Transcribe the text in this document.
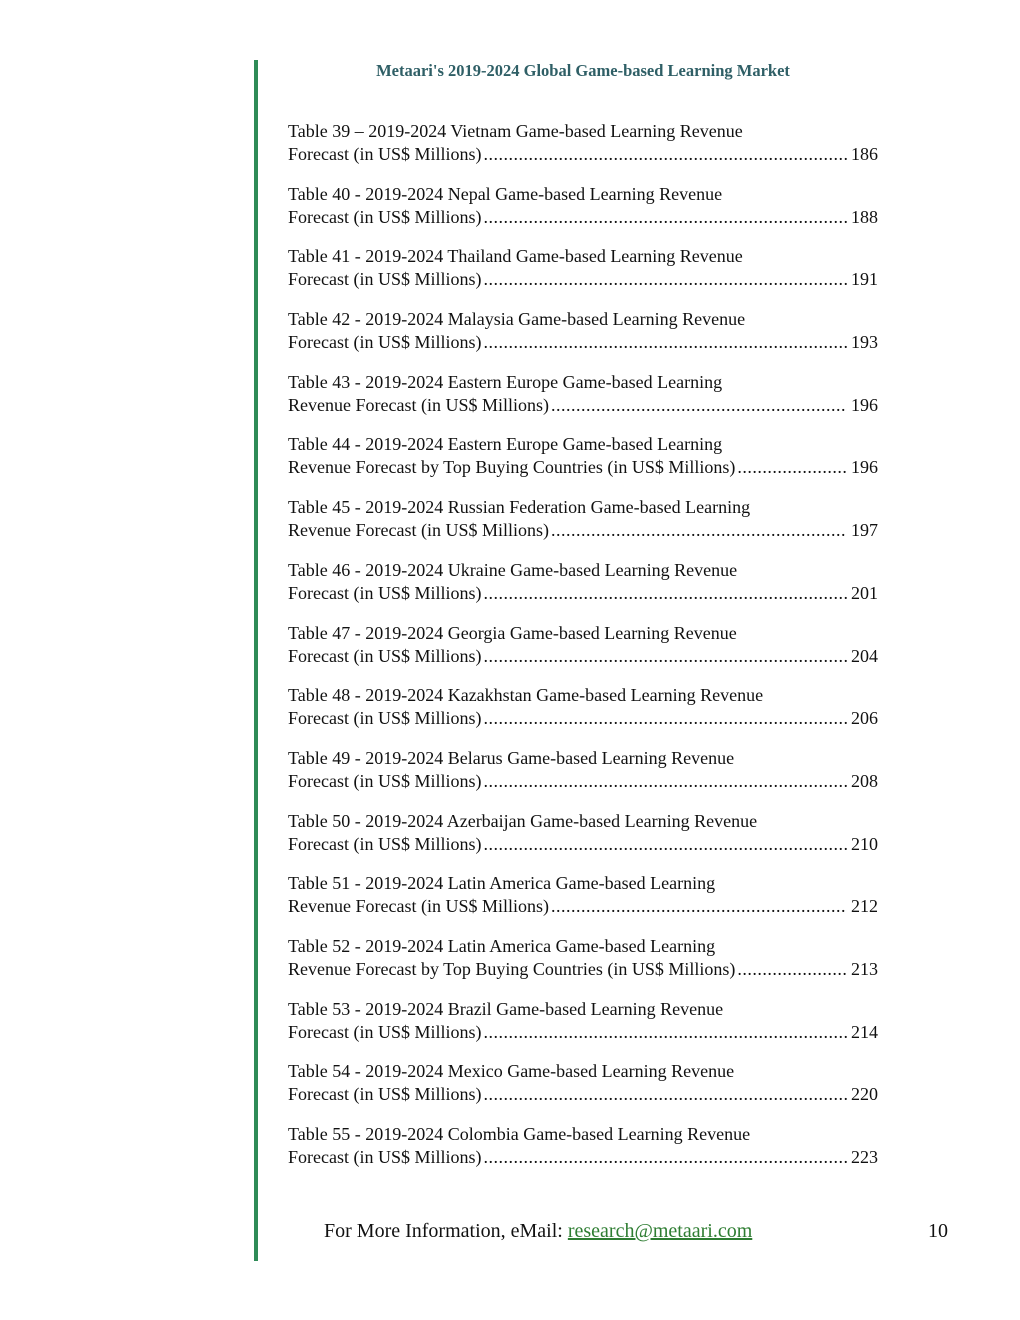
Metaari's 2019-2024 Global Game-based Learning Market
Table 39 – 2019-2024 Vietnam Game-based Learning Revenue
Forecast (in US$ Millions) .....	186
Table 40 - 2019-2024 Nepal Game-based Learning Revenue
Forecast (in US$ Millions) .....	188
Table 41 - 2019-2024 Thailand Game-based Learning Revenue
Forecast (in US$ Millions) .....	191
Table 42 - 2019-2024 Malaysia Game-based Learning Revenue
Forecast (in US$ Millions) .....	193
Table 43 - 2019-2024 Eastern Europe Game-based Learning
Revenue Forecast (in US$ Millions) .....	196
Table 44 - 2019-2024 Eastern Europe Game-based Learning
Revenue Forecast by Top Buying Countries (in US$ Millions) .....	196
Table 45 - 2019-2024 Russian Federation Game-based Learning
Revenue Forecast (in US$ Millions) .....	197
Table 46 - 2019-2024 Ukraine Game-based Learning Revenue
Forecast (in US$ Millions) .....	201
Table 47 - 2019-2024 Georgia Game-based Learning Revenue
Forecast (in US$ Millions) .....	204
Table 48 - 2019-2024 Kazakhstan Game-based Learning Revenue
Forecast (in US$ Millions) .....	206
Table 49 - 2019-2024 Belarus Game-based Learning Revenue
Forecast (in US$ Millions) .....	208
Table 50 - 2019-2024 Azerbaijan Game-based Learning Revenue
Forecast (in US$ Millions) .....	210
Table 51 - 2019-2024 Latin America Game-based Learning
Revenue Forecast (in US$ Millions) .....	212
Table 52 - 2019-2024 Latin America Game-based Learning
Revenue Forecast by Top Buying Countries (in US$ Millions) .....	213
Table 53 - 2019-2024 Brazil Game-based Learning Revenue
Forecast (in US$ Millions) .....	214
Table 54 - 2019-2024 Mexico Game-based Learning Revenue
Forecast (in US$ Millions) .....	220
Table 55 - 2019-2024 Colombia Game-based Learning Revenue
Forecast (in US$ Millions) .....	223
For More Information, eMail: research@metaari.com	10
